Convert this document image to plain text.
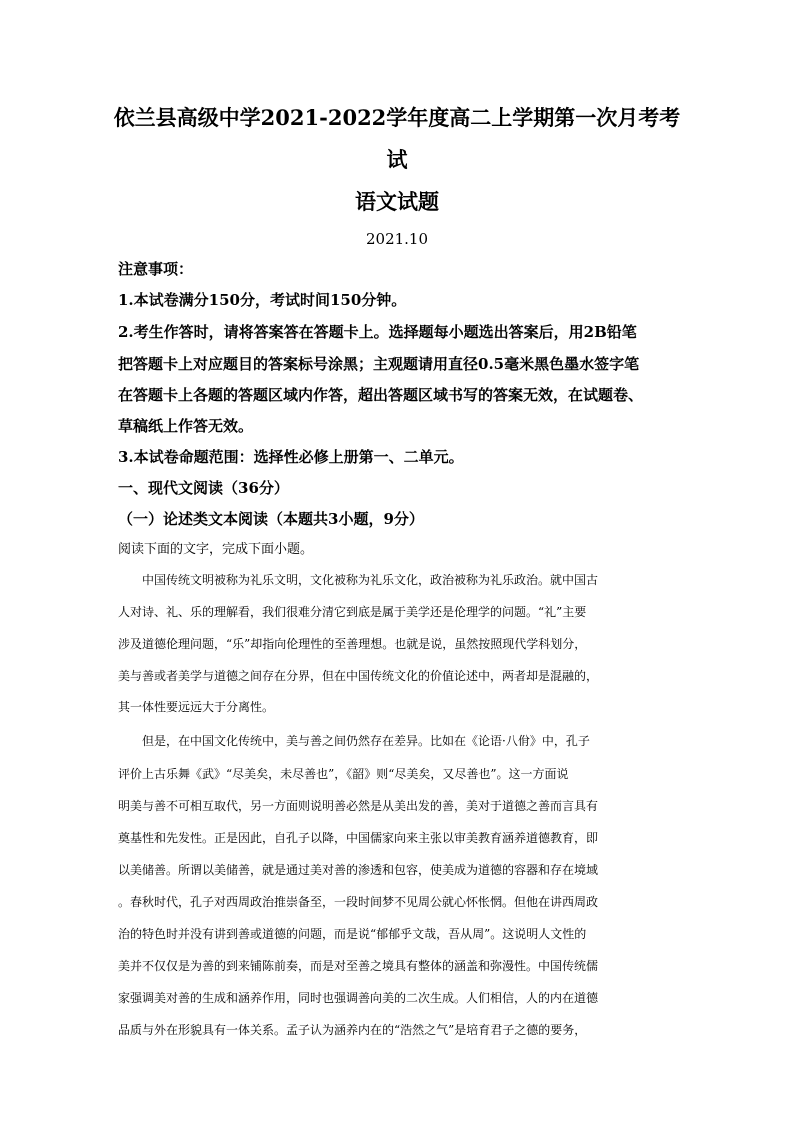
依兰县高级中学2021-2022学年度高二上学期第一次月考考
试
语文试题
2021.10
注意事项：
1.本试卷满分150分，考试时间150分钟。
2.考生作答时，请将答案答在答题卡上。选择题每小题选出答案后，用2B铅笔
把答题卡上对应题目的答案标号涂黑；主观题请用直径0.5毫米黑色墨水签字笔
在答题卡上各题的答题区域内作答，超出答题区域书写的答案无效，在试题卷、
草稿纸上作答无效。
3.本试卷命题范围：选择性必修上册第一、二单元。
一、现代文阅读（36分）
（一）论述类文本阅读（本题共3小题，9分）
阅读下面的文字，完成下面小题。
中国传统文明被称为礼乐文明，文化被称为礼乐文化，政治被称为礼乐政治。就中国古
人对诗、礼、乐的理解看，我们很难分清它到底是属于美学还是伦理学的问题。“礼”主要
涉及道德伦理问题，“乐”却指向伦理性的至善理想。也就是说，虽然按照现代学科划分，
美与善或者美学与道德之间存在分界，但在中国传统文化的价值论述中，两者却是混融的，
其一体性要远远大于分离性。
但是，在中国文化传统中，美与善之间仍然存在差异。比如在《论语·八佾》中，孔子
评价上古乐舞《武》“尽美矣，未尽善也”，《韶》则“尽美矣，又尽善也”。这一方面说
明美与善不可相互取代，另一方面则说明善必然是从美出发的善，美对于道德之善而言具有
奠基性和先发性。正是因此，自孔子以降，中国儒家向来主张以审美教育涵养道德教育，即
以美储善。所谓以美储善，就是通过美对善的渗透和包容，使美成为道德的容器和存在境域
。春秋时代，孔子对西周政治推崇备至，一段时间梦不见周公就心怀怅惘。但他在讲西周政
治的特色时并没有讲到善或道德的问题，而是说“郁郁乎文哉，吾从周”。这说明人文性的
美并不仅仅是为善的到来铺陈前奏，而是对至善之境具有整体的涵盖和弥漫性。中国传统儒
家强调美对善的生成和涵养作用，同时也强调善向美的二次生成。人们相信，人的内在道德
品质与外在形貌具有一体关系。孟子认为涵养内在的“浩然之气”是培育君子之德的要务，
